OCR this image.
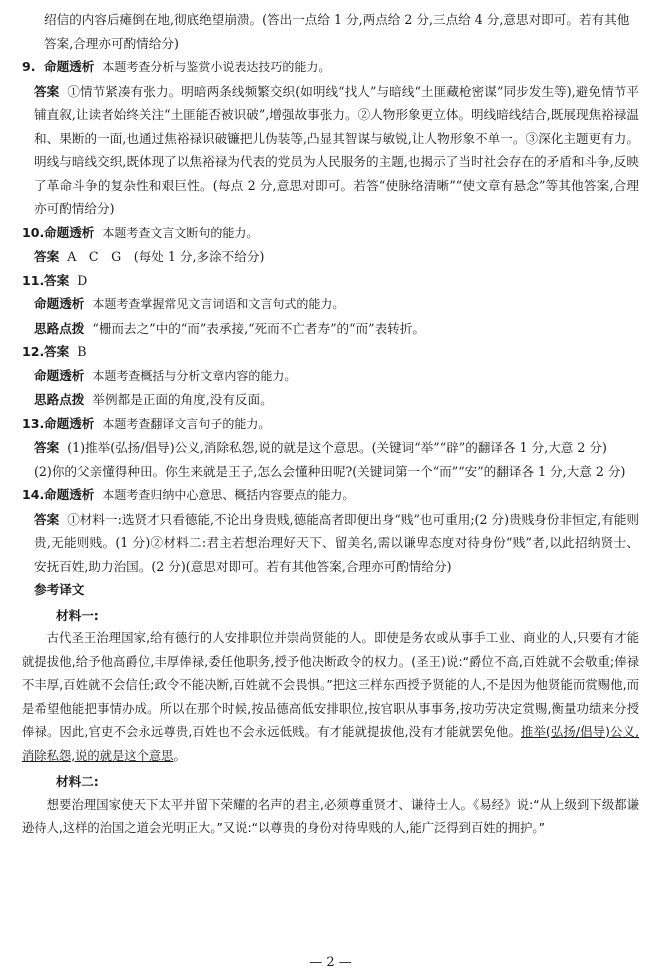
绍信的内容后瘫倒在地,彻底绝望崩溃。(答出一点给 1 分,两点给 2 分,三点给 4 分,意思对即可。若有其他
答案,合理亦可酌情给分)

9. 命题透析 本题考查分析与鉴赏小说表达技巧的能力。

答案 ①情节紧凑有张力。明暗两条线频繁交织(如明线“找人”与暗线“土匪藏枪密谋”同步发生等),避免情节平铺直叙,让读者始终关注“土匪能否被识破”,增强故事张力。②人物形象更立体。明线暗线结合,既展现焦裕禄温和、果断的一面,也通过焦裕禄识破镰把儿伪装等,凸显其智谋与敏锐,让人物形象不单一。③深化主题更有力。明线与暗线交织,既体现了以焦裕禄为代表的党员为人民服务的主题,也揭示了当时社会存在的矛盾和斗争,反映了革命斗争的复杂性和艰巨性。(每点 2 分,意思对即可。若答“使脉络清晰”“使文章有悬念”等其他答案,合理亦可酌情给分)

10.命题透析 本题考查文言文断句的能力。

答案 A　C　G　(每处 1 分,多涂不给分)

11.答案 D

命题透析 本题考查掌握常见文言词语和文言句式的能力。

思路点拨 “栅而去之”中的“而”表承接,“死而不亡者寿”的“而”表转折。

12.答案 B

命题透析 本题考查概括与分析文章内容的能力。

思路点拨 举例都是正面的角度,没有反面。

13.命题透析 本题考查翻译文言句子的能力。

答案 (1)推举(弘扬/倡导)公义,消除私怨,说的就是这个意思。(关键词“举”“辟”的翻译各 1 分,大意 2 分)

(2)你的父亲懂得种田。你生来就是王子,怎么会懂种田呢?(关键词第一个“而”“安”的翻译各 1 分,大意 2 分)

14.命题透析 本题考查归纳中心意思、概括内容要点的能力。

答案 ①材料一:选贤才只看德能,不论出身贵贱,德能高者即便出身“贱”也可重用;(2 分)贵贱身份非恒定,有能则贵,无能则贱。(1 分)②材料二:君主若想治理好天下、留美名,需以谦卑态度对待身份“贱”者,以此招纳贤士、安抚百姓,助力治国。(2 分)(意思对即可。若有其他答案,合理亦可酌情给分)

参考译文

材料一:

古代圣王治理国家,给有德行的人安排职位并崇尚贤能的人。即使是务农或从事手工业、商业的人,只要有才能就提拔他,给予他高爵位,丰厚俸禄,委任他职务,授予他决断政令的权力。(圣王)说:“爵位不高,百姓就不会敬重;俸禄不丰厚,百姓就不会信任;政令不能决断,百姓就不会畏惧。”把这三样东西授予贤能的人,不是因为他贤能而赏赐他,而是希望他能把事情办成。所以在那个时候,按品德高低安排职位,按官职从事事务,按功劳决定赏赐,衡量功绩来分授俸禄。因此,官吏不会永远尊贵,百姓也不会永远低贱。有才能就提拔他,没有才能就罢免他。推举(弘扬/倡导)公义,消除私怨,说的就是这个意思。

材料二:

想要治理国家使天下太平并留下荣耀的名声的君主,必须尊重贤才、谦待士人。《易经》说:“从上级到下级都谦逊待人,这样的治国之道会光明正大。”又说:“以尊贵的身份对待卑贱的人,能广泛得到百姓的拥护。”

— 2 —
